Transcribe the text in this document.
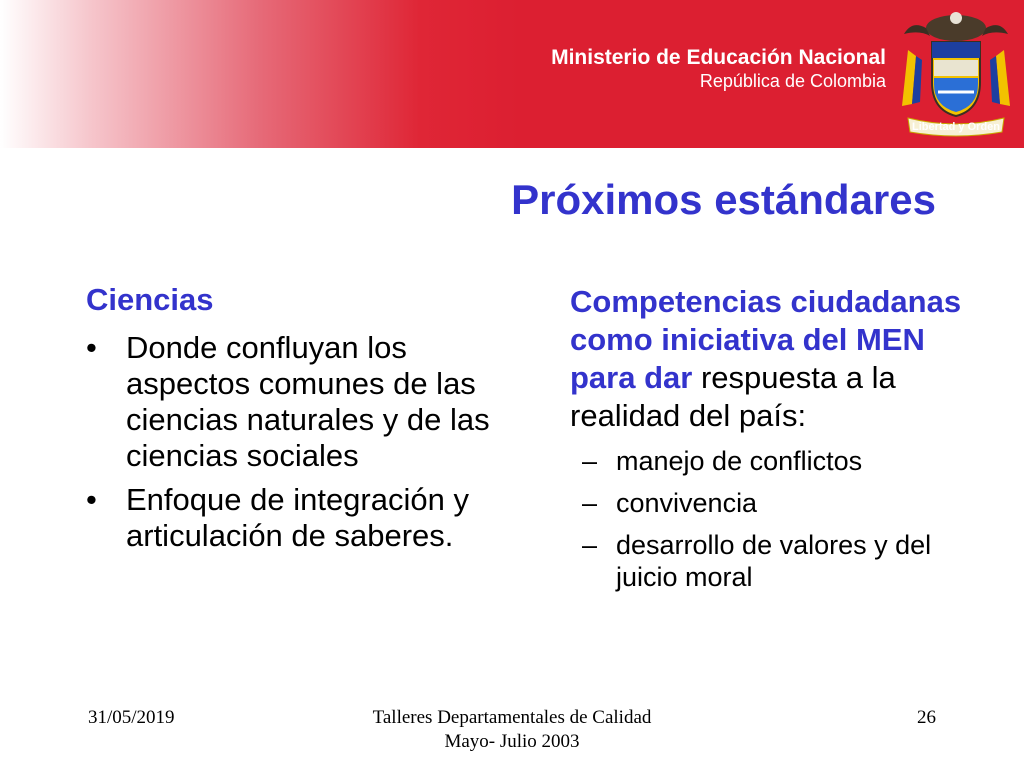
Ministerio de Educación Nacional
República de Colombia
Libertad y Orden
Próximos estándares
Ciencias
• Donde confluyan los aspectos comunes de las ciencias naturales y de las ciencias sociales
• Enfoque de integración y articulación de saberes.
Competencias ciudadanas como iniciativa del MEN para dar respuesta a la realidad del país:
– manejo de conflictos
– convivencia
– desarrollo de valores y del juicio moral
31/05/2019	Talleres Departamentales de Calidad
Mayo- Julio 2003
26
